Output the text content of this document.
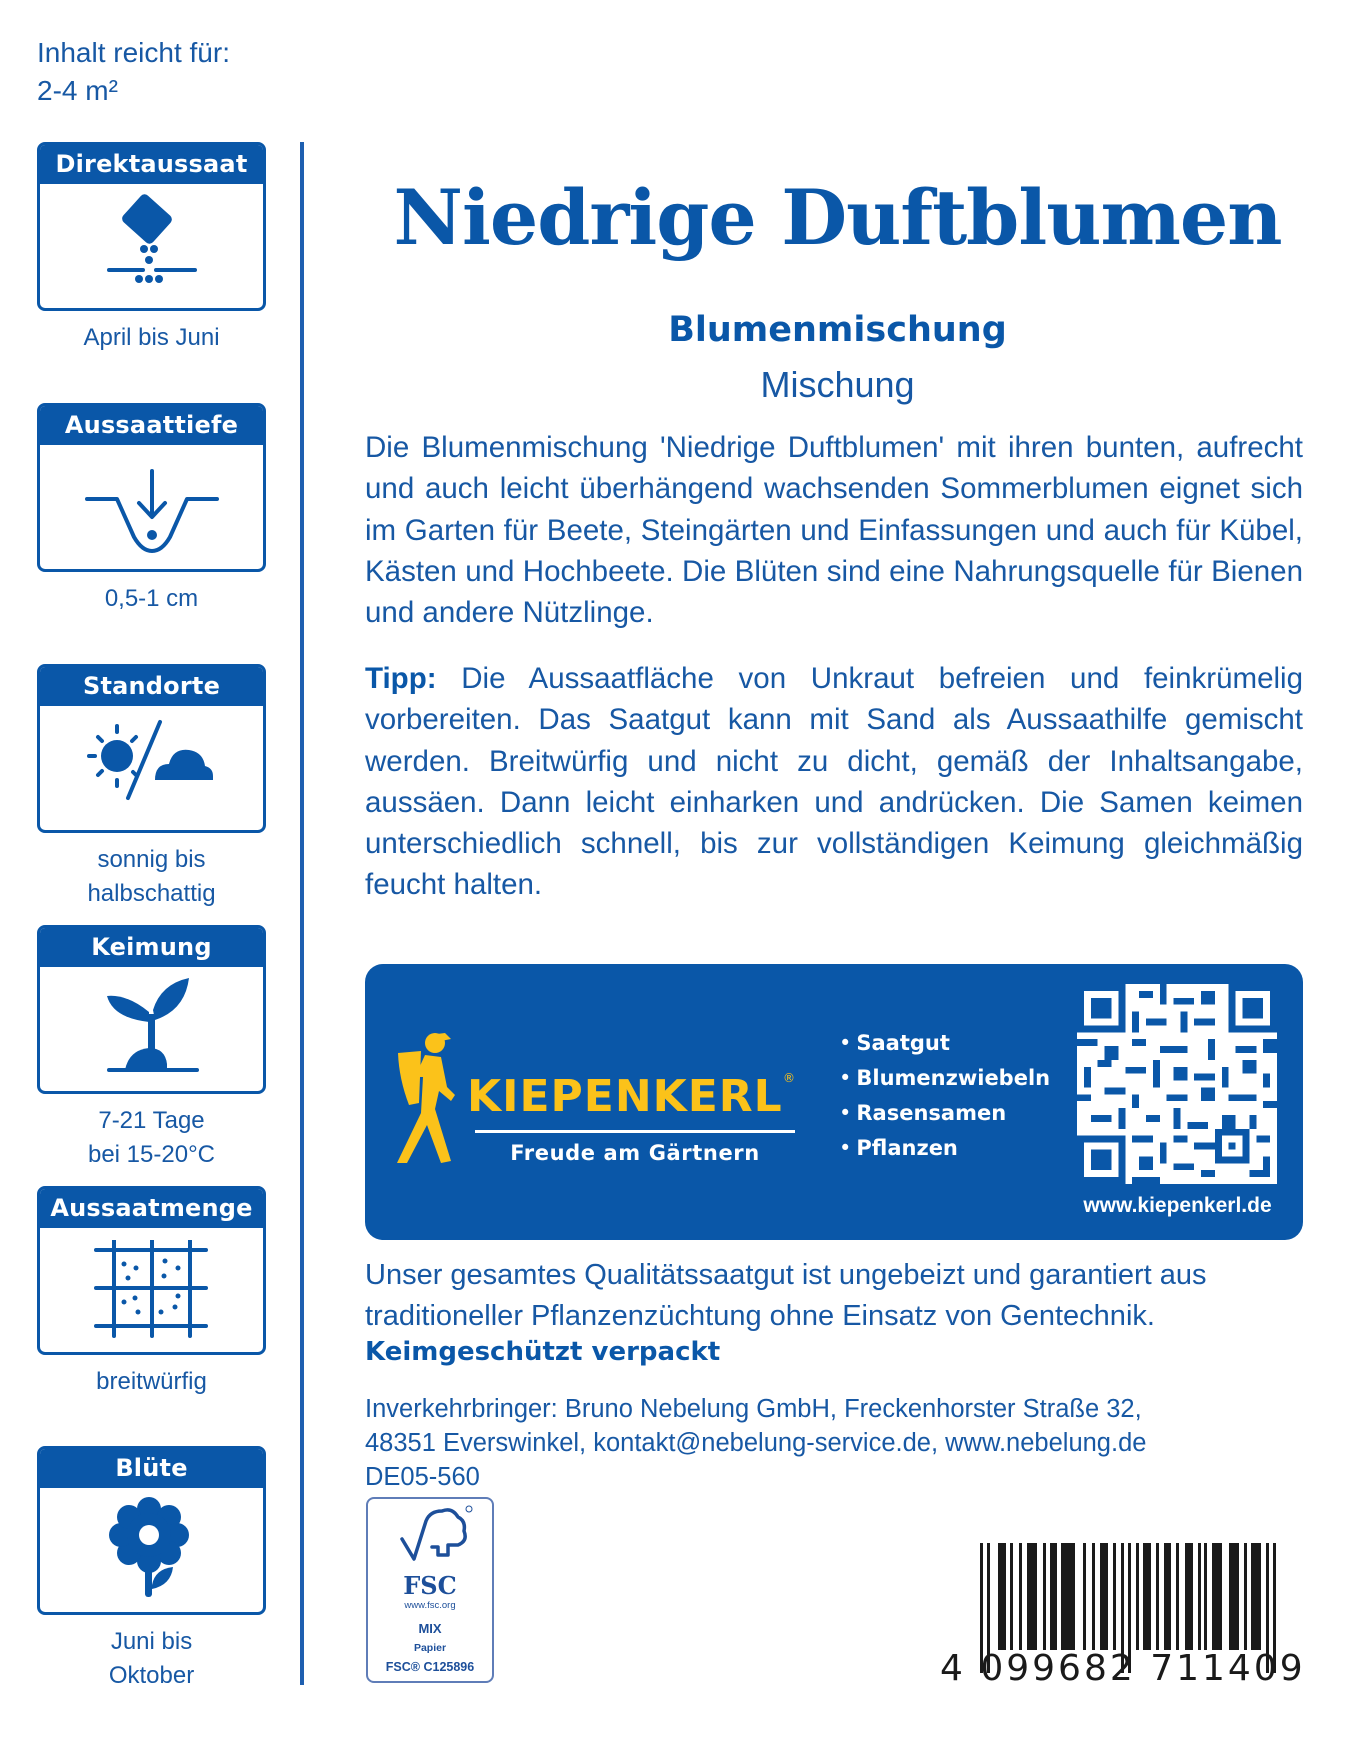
Inhalt reicht für:
2-4 m²
Direktaussaat
April bis Juni
Aussaattiefe
0,5-1 cm
Standorte
sonnig bis
halbschattig
Keimung
7-21 Tage
bei 15-20°C
Aussaatmenge
breitwürfig
Blüte
Juni bis
Oktober
Niedrige Duftblumen
Blumenmischung
Mischung

Die Blumenmischung 'Niedrige Duftblumen' mit ihren bunten, aufrecht und auch leicht überhängend wachsenden Sommerblumen eignet sich im Garten für Beete, Steingärten und Einfassungen und auch für Kübel, Kästen und Hochbeete. Die Blüten sind eine Nahrungsquelle für Bienen und andere Nützlinge.

Tipp: Die Aussaatfläche von Unkraut befreien und feinkrümelig vorbereiten. Das Saatgut kann mit Sand als Aussaathilfe gemischt werden. Breitwürfig und nicht zu dicht, gemäß der Inhaltsangabe, aussäen. Dann leicht einharken und andrücken. Die Samen keimen unterschiedlich schnell, bis zur vollständigen Keimung gleichmäßig feucht halten.

KIEPENKERL ®
Freude am Gärtnern
• Saatgut
• Blumenzwiebeln
• Rasensamen
• Pflanzen
www.kiepenkerl.de

Unser gesamtes Qualitätssaatgut ist ungebeizt und garantiert aus traditioneller Pflanzenzüchtung ohne Einsatz von Gentechnik.

Keimgeschützt verpackt
Inverkehrbringer: Bruno Nebelung GmbH, Freckenhorster Straße 32,
48351 Everswinkel, kontakt@nebelung-service.de, www.nebelung.de
DE05-560
FSC
www.fsc.org
MIX
Papier
FSC® C125896	4 099682 711409
